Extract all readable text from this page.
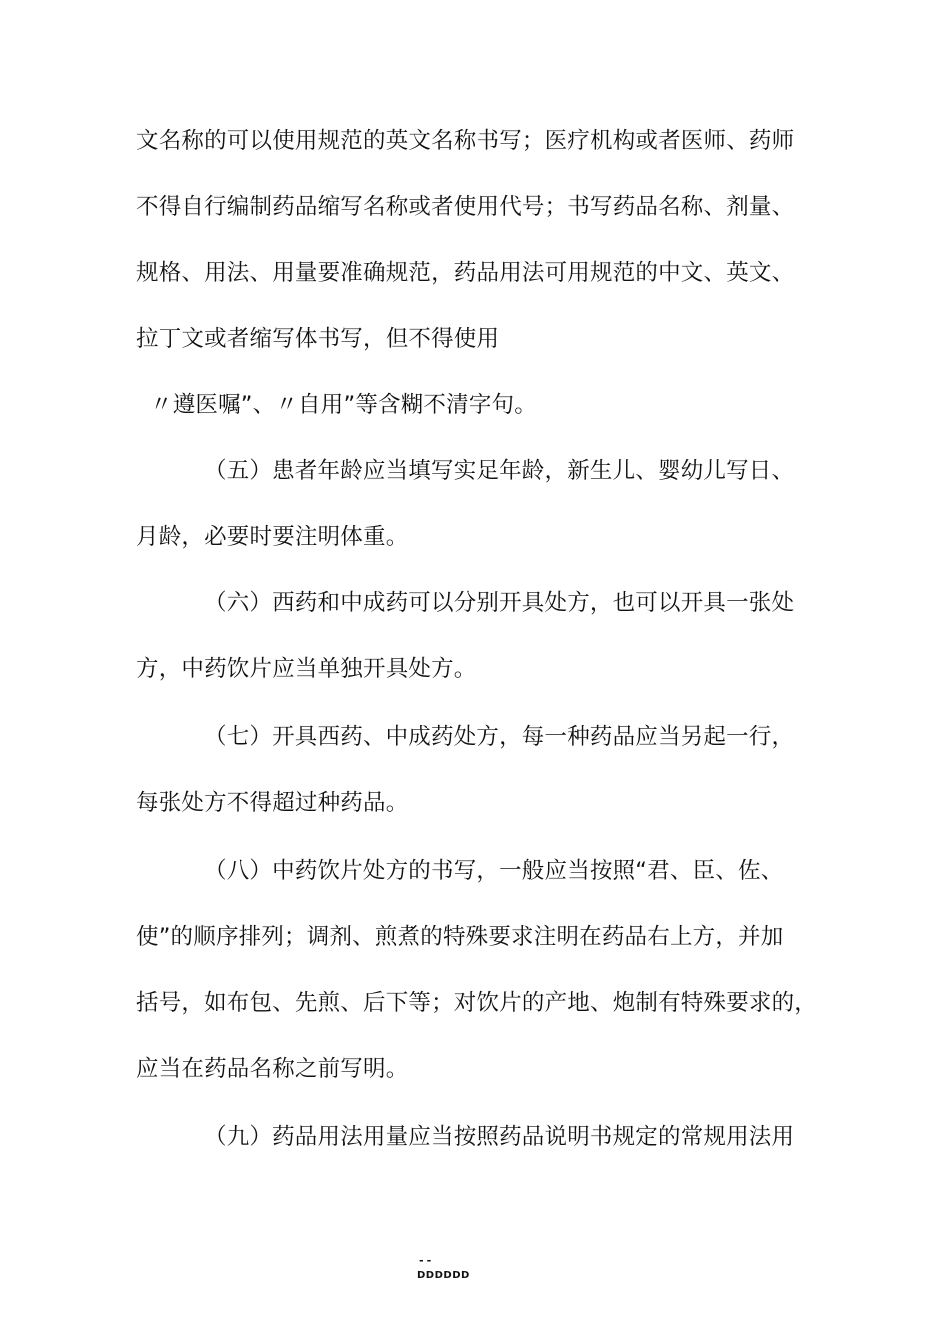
文名称的可以使用规范的英文名称书写；医疗机构或者医师、药师
不得自行编制药品缩写名称或者使用代号；书写药品名称、剂量、
规格、用法、用量要准确规范，药品用法可用规范的中文、英文、
拉丁文或者缩写体书写，但不得使用
〃遵医嘱”、〃自用”等含糊不清字句。
（五）患者年龄应当填写实足年龄，新生儿、婴幼儿写日、
月龄，必要时要注明体重。
（六）西药和中成药可以分别开具处方，也可以开具一张处
方，中药饮片应当单独开具处方。
（七）开具西药、中成药处方，每一种药品应当另起一行，
每张处方不得超过种药品。
（八）中药饮片处方的书写，一般应当按照“君、臣、佐、
使”的顺序排列；调剂、煎煮的特殊要求注明在药品右上方，并加
括号，如布包、先煎、后下等；对饮片的产地、炮制有特殊要求的，
应当在药品名称之前写明。
（九）药品用法用量应当按照药品说明书规定的常规用法用
--
DDDDDD
